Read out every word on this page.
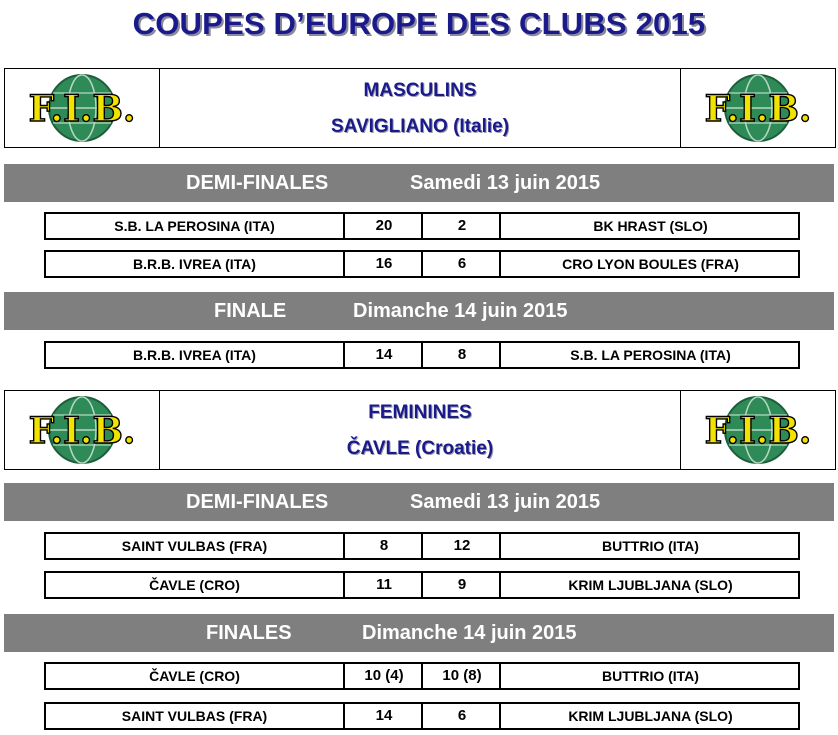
COUPES D’EUROPE DES CLUBS 2015
F.I.B.	MASCULINS
SAVIGLIANO (Italie)	F.I.B.
DEMI-FINALES	Samedi 13 juin 2015
S.B. LA PEROSINA (ITA)	20	2	BK HRAST (SLO)
B.R.B. IVREA (ITA)	16	6	CRO LYON BOULES (FRA)
FINALE	Dimanche 14 juin 2015
B.R.B. IVREA (ITA)	14	8	S.B. LA PEROSINA (ITA)
F.I.B.	FEMININES
ČAVLE (Croatie)	F.I.B.
DEMI-FINALES	Samedi 13 juin 2015
SAINT VULBAS (FRA)	8	12	BUTTRIO (ITA)
ČAVLE (CRO)	11	9	KRIM LJUBLJANA (SLO)
FINALES	Dimanche 14 juin 2015
ČAVLE (CRO)	10 (4)	10 (8)	BUTTRIO (ITA)
SAINT VULBAS (FRA)	14	6	KRIM LJUBLJANA (SLO)
